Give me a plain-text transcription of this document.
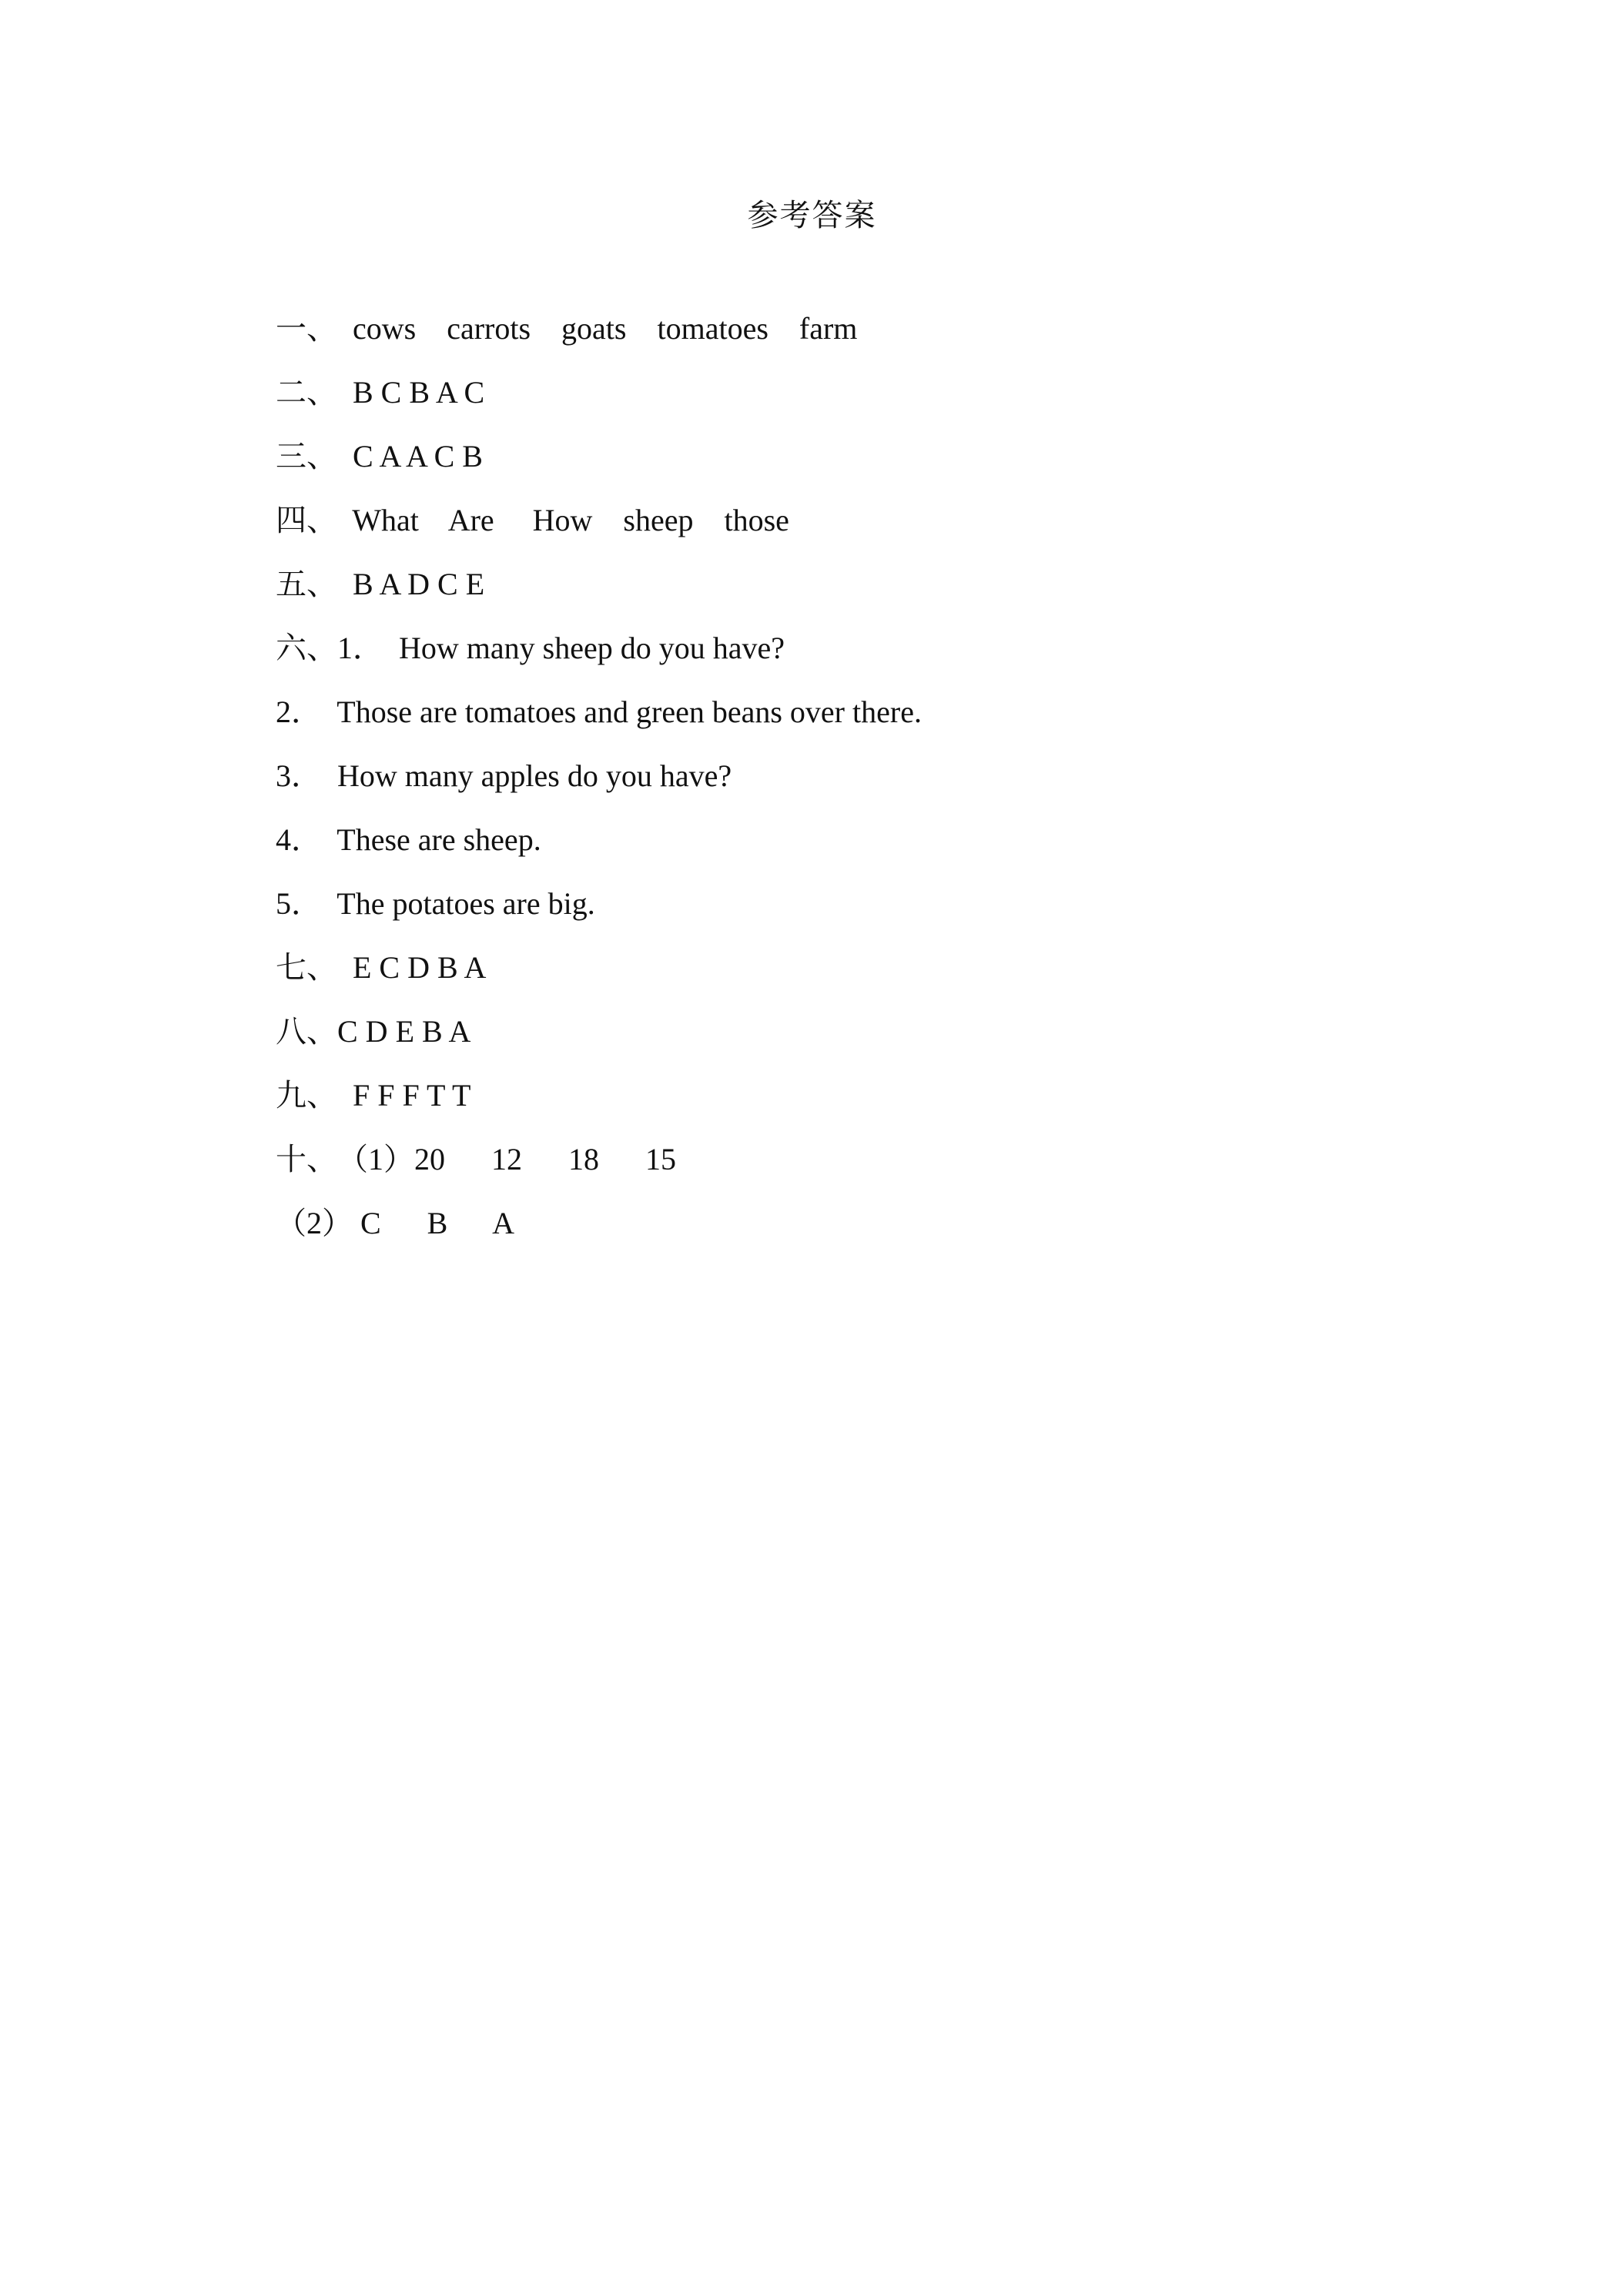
参考答案

一、  cows    carrots    goats    tomatoes    farm

二、  B C B A C

三、  C A A C B

四、  What    Are     How    sheep    those

五、  B A D C E

六、1．  How many sheep do you have?

2．  Those are tomatoes and green beans over there.

3．  How many apples do you have?

4．  These are sheep.

5．  The potatoes are big.

七、  E C D B A

八、C D E B A

九、  F F F T T

十、（1）20      12      18      15

（2） C      B      A
